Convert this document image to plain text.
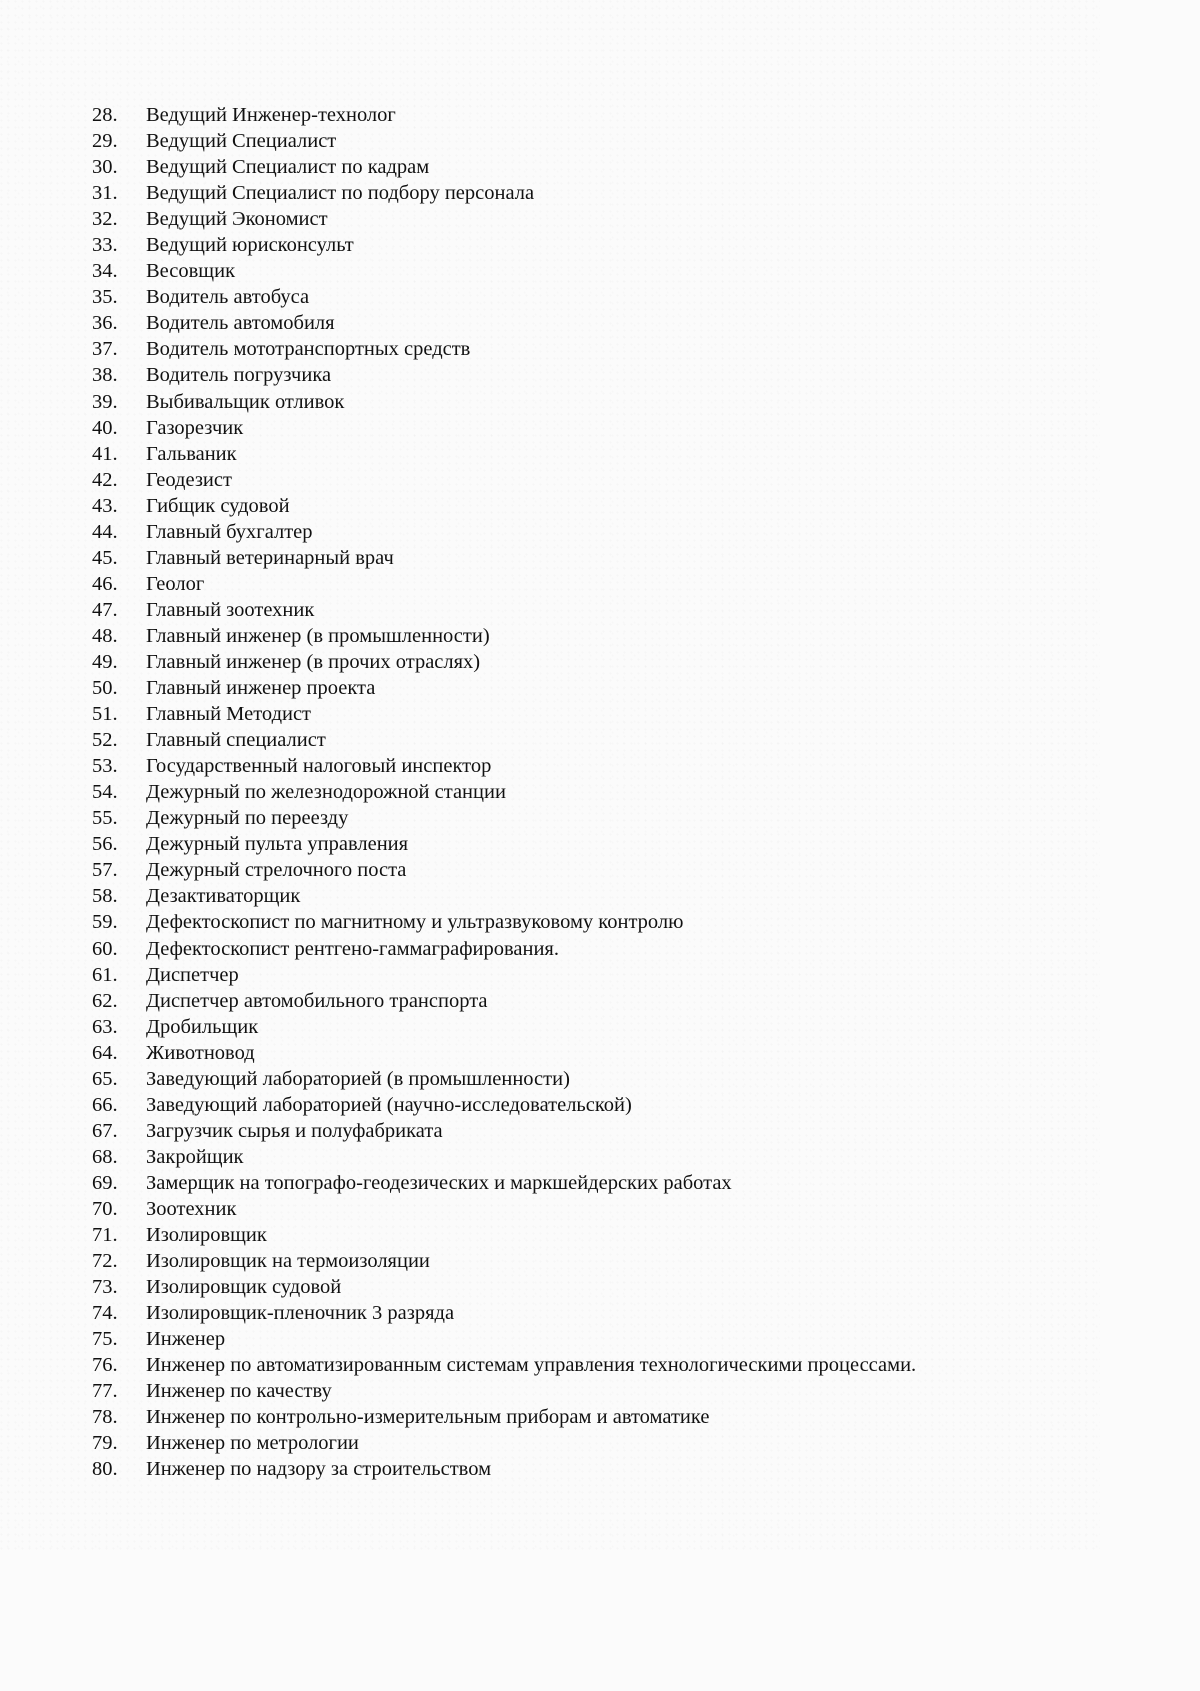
28. Ведущий Инженер-технолог
29. Ведущий Специалист
30. Ведущий Специалист по кадрам
31. Ведущий Специалист по подбору персонала
32. Ведущий Экономист
33. Ведущий юрисконсульт
34. Весовщик
35. Водитель автобуса
36. Водитель автомобиля
37. Водитель мототранспортных средств
38. Водитель погрузчика
39. Выбивальщик отливок
40. Газорезчик
41. Гальваник
42. Геодезист
43. Гибщик судовой
44. Главный бухгалтер
45. Главный ветеринарный врач
46. Геолог
47. Главный зоотехник
48. Главный инженер (в промышленности)
49. Главный инженер (в прочих отраслях)
50. Главный инженер проекта
51. Главный Методист
52. Главный специалист
53. Государственный налоговый инспектор
54. Дежурный по железнодорожной станции
55. Дежурный по переезду
56. Дежурный пульта управления
57. Дежурный стрелочного поста
58. Дезактиваторщик
59. Дефектоскопист по магнитному и ультразвуковому контролю
60. Дефектоскопист рентгено-гаммаграфирования.
61. Диспетчер
62. Диспетчер автомобильного транспорта
63. Дробильщик
64. Животновод
65. Заведующий лабораторией (в промышленности)
66. Заведующий лабораторией (научно-исследовательской)
67. Загрузчик сырья и полуфабриката
68. Закройщик
69. Замерщик на топографо-геодезических и маркшейдерских работах
70. Зоотехник
71. Изолировщик
72. Изолировщик на термоизоляции
73. Изолировщик судовой
74. Изолировщик-пленочник 3 разряда
75. Инженер
76. Инженер по автоматизированным системам управления технологическими процессами.
77. Инженер по качеству
78. Инженер по контрольно-измерительным приборам и автоматике
79. Инженер по метрологии
80. Инженер по надзору за строительством
